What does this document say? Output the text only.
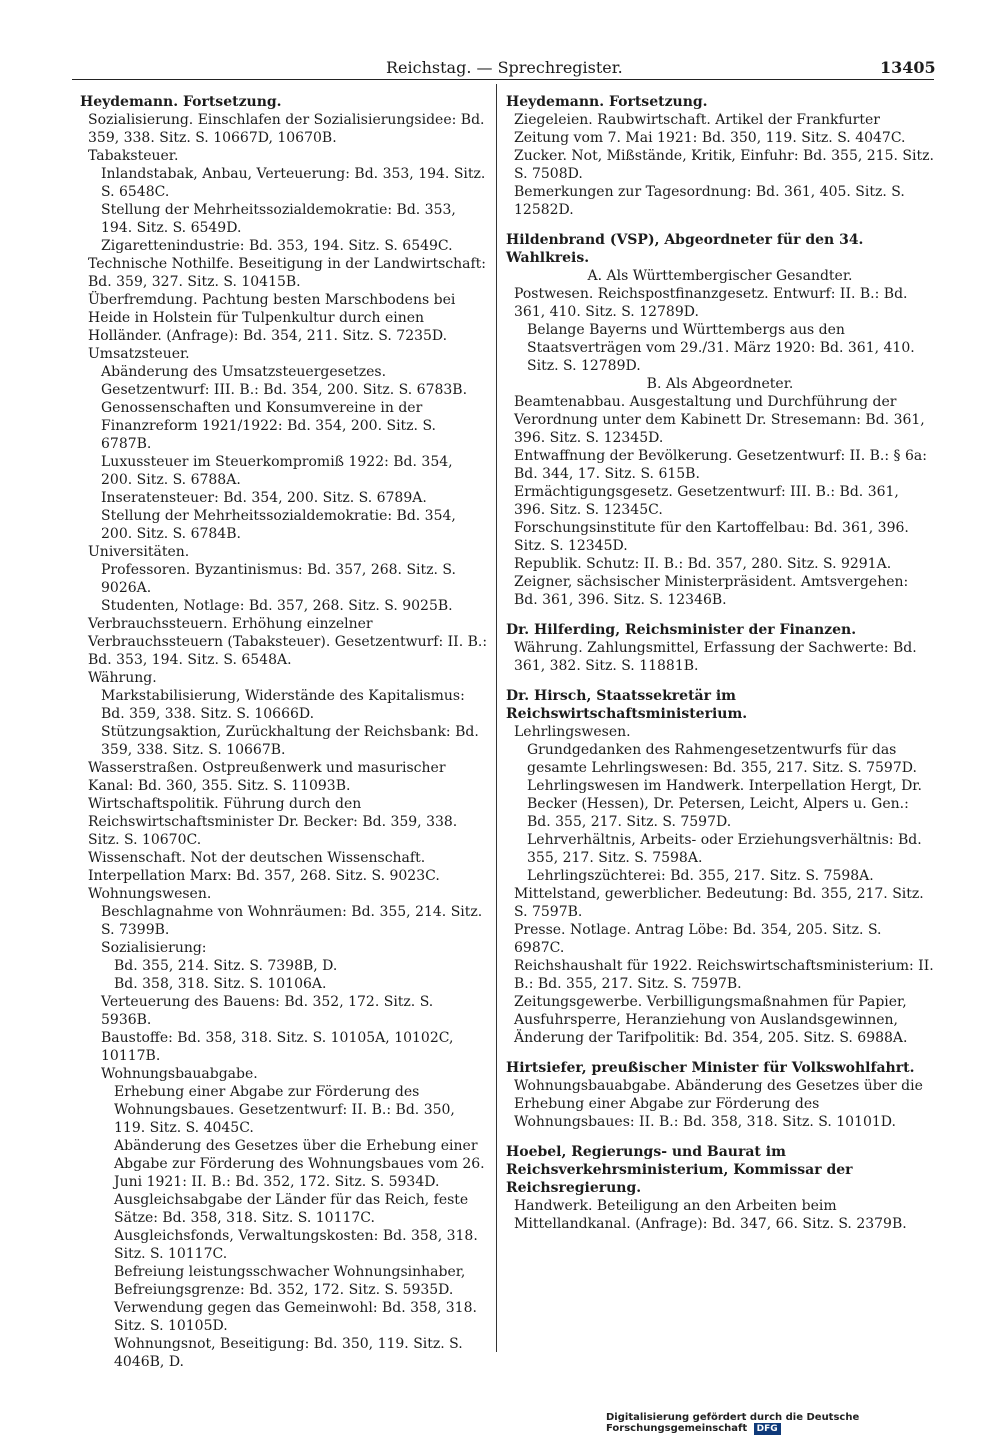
Reichstag. — Sprechregister.	13405
Heydemann. Fortsetzung.
Sozialisierung. Einschlafen der Sozialisierungsidee: Bd. 359, 338. Sitz. S. 10667D, 10670B.
Tabaksteuer.
Inlandstabak, Anbau, Verteuerung: Bd. 353, 194. Sitz. S. 6548C.
Stellung der Mehrheitssozialdemokratie: Bd. 353, 194. Sitz. S. 6549D.
Zigarettenindustrie: Bd. 353, 194. Sitz. S. 6549C.
Technische Nothilfe. Beseitigung in der Landwirtschaft: Bd. 359, 327. Sitz. S. 10415B.
Überfremdung. Pachtung besten Marschbodens bei Heide in Holstein für Tulpenkultur durch einen Holländer. (Anfrage): Bd. 354, 211. Sitz. S. 7235D.
Umsatzsteuer.
Abänderung des Umsatzsteuergesetzes. Gesetzentwurf: III. B.: Bd. 354, 200. Sitz. S. 6783B.
Genossenschaften und Konsumvereine in der Finanzreform 1921/1922: Bd. 354, 200. Sitz. S. 6787B.
Luxussteuer im Steuerkompromiß 1922: Bd. 354, 200. Sitz. S. 6788A.
Inseratensteuer: Bd. 354, 200. Sitz. S. 6789A.
Stellung der Mehrheitssozialdemokratie: Bd. 354, 200. Sitz. S. 6784B.
Universitäten.
Professoren. Byzantinismus: Bd. 357, 268. Sitz. S. 9026A.
Studenten, Notlage: Bd. 357, 268. Sitz. S. 9025B.
Verbrauchssteuern. Erhöhung einzelner Verbrauchssteuern (Tabaksteuer). Gesetzentwurf: II. B.: Bd. 353, 194. Sitz. S. 6548A.
Währung.
Markstabilisierung, Widerstände des Kapitalismus: Bd. 359, 338. Sitz. S. 10666D.
Stützungsaktion, Zurückhaltung der Reichsbank: Bd. 359, 338. Sitz. S. 10667B.
Wasserstraßen. Ostpreußenwerk und masurischer Kanal: Bd. 360, 355. Sitz. S. 11093B.
Wirtschaftspolitik. Führung durch den Reichswirtschaftsminister Dr. Becker: Bd. 359, 338. Sitz. S. 10670C.
Wissenschaft. Not der deutschen Wissenschaft. Interpellation Marx: Bd. 357, 268. Sitz. S. 9023C.
Wohnungswesen.
Beschlagnahme von Wohnräumen: Bd. 355, 214. Sitz. S. 7399B.
Sozialisierung:
Bd. 355, 214. Sitz. S. 7398B, D.
Bd. 358, 318. Sitz. S. 10106A.
Verteuerung des Bauens: Bd. 352, 172. Sitz. S. 5936B.
Baustoffe: Bd. 358, 318. Sitz. S. 10105A, 10102C, 10117B.
Wohnungsbauabgabe.
Erhebung einer Abgabe zur Förderung des Wohnungsbaues. Gesetzentwurf: II. B.: Bd. 350, 119. Sitz. S. 4045C.
Abänderung des Gesetzes über die Erhebung einer Abgabe zur Förderung des Wohnungsbaues vom 26. Juni 1921: II. B.: Bd. 352, 172. Sitz. S. 5934D.
Ausgleichsabgabe der Länder für das Reich, feste Sätze: Bd. 358, 318. Sitz. S. 10117C.
Ausgleichsfonds, Verwaltungskosten: Bd. 358, 318. Sitz. S. 10117C.
Befreiung leistungsschwacher Wohnungsinhaber, Befreiungsgrenze: Bd. 352, 172. Sitz. S. 5935D.
Verwendung gegen das Gemeinwohl: Bd. 358, 318. Sitz. S. 10105D.
Wohnungsnot, Beseitigung: Bd. 350, 119. Sitz. S. 4046B, D.
Heydemann. Fortsetzung.
Ziegeleien. Raubwirtschaft. Artikel der Frankfurter Zeitung vom 7. Mai 1921: Bd. 350, 119. Sitz. S. 4047C.
Zucker. Not, Mißstände, Kritik, Einfuhr: Bd. 355, 215. Sitz. S. 7508D.
Bemerkungen zur Tagesordnung: Bd. 361, 405. Sitz. S. 12582D.
Hildenbrand (VSP), Abgeordneter für den 34. Wahlkreis.
A. Als Württembergischer Gesandter.
Postwesen. Reichspostfinanzgesetz. Entwurf: II. B.: Bd. 361, 410. Sitz. S. 12789D.
Belange Bayerns und Württembergs aus den Staatsverträgen vom 29./31. März 1920: Bd. 361, 410. Sitz. S. 12789D.
B. Als Abgeordneter.
Beamtenabbau. Ausgestaltung und Durchführung der Verordnung unter dem Kabinett Dr. Stresemann: Bd. 361, 396. Sitz. S. 12345D.
Entwaffnung der Bevölkerung. Gesetzentwurf: II. B.: § 6a: Bd. 344, 17. Sitz. S. 615B.
Ermächtigungsgesetz. Gesetzentwurf: III. B.: Bd. 361, 396. Sitz. S. 12345C.
Forschungsinstitute für den Kartoffelbau: Bd. 361, 396. Sitz. S. 12345D.
Republik. Schutz: II. B.: Bd. 357, 280. Sitz. S. 9291A.
Zeigner, sächsischer Ministerpräsident. Amtsvergehen: Bd. 361, 396. Sitz. S. 12346B.
Dr. Hilferding, Reichsminister der Finanzen.
Währung. Zahlungsmittel, Erfassung der Sachwerte: Bd. 361, 382. Sitz. S. 11881B.
Dr. Hirsch, Staatssekretär im Reichswirtschaftsministerium.
Lehrlingswesen.
Grundgedanken des Rahmengesetzentwurfs für das gesamte Lehrlingswesen: Bd. 355, 217. Sitz. S. 7597D.
Lehrlingswesen im Handwerk. Interpellation Hergt, Dr. Becker (Hessen), Dr. Petersen, Leicht, Alpers u. Gen.: Bd. 355, 217. Sitz. S. 7597D.
Lehrverhältnis, Arbeits- oder Erziehungsverhältnis: Bd. 355, 217. Sitz. S. 7598A.
Lehrlingszüchterei: Bd. 355, 217. Sitz. S. 7598A.
Mittelstand, gewerblicher. Bedeutung: Bd. 355, 217. Sitz. S. 7597B.
Presse. Notlage. Antrag Löbe: Bd. 354, 205. Sitz. S. 6987C.
Reichshaushalt für 1922. Reichswirtschaftsministerium: II. B.: Bd. 355, 217. Sitz. S. 7597B.
Zeitungsgewerbe. Verbilligungsmaßnahmen für Papier, Ausfuhrsperre, Heranziehung von Auslandsgewinnen, Änderung der Tarifpolitik: Bd. 354, 205. Sitz. S. 6988A.
Hirtsiefer, preußischer Minister für Volkswohlfahrt.
Wohnungsbauabgabe. Abänderung des Gesetzes über die Erhebung einer Abgabe zur Förderung des Wohnungsbaues: II. B.: Bd. 358, 318. Sitz. S. 10101D.
Hoebel, Regierungs- und Baurat im Reichsverkehrsministerium, Kommissar der Reichsregierung.
Handwerk. Beteiligung an den Arbeiten beim Mittellandkanal. (Anfrage): Bd. 347, 66. Sitz. S. 2379B.
Digitalisierung gefördert durch die Deutsche Forschungsgemeinschaft DFG
